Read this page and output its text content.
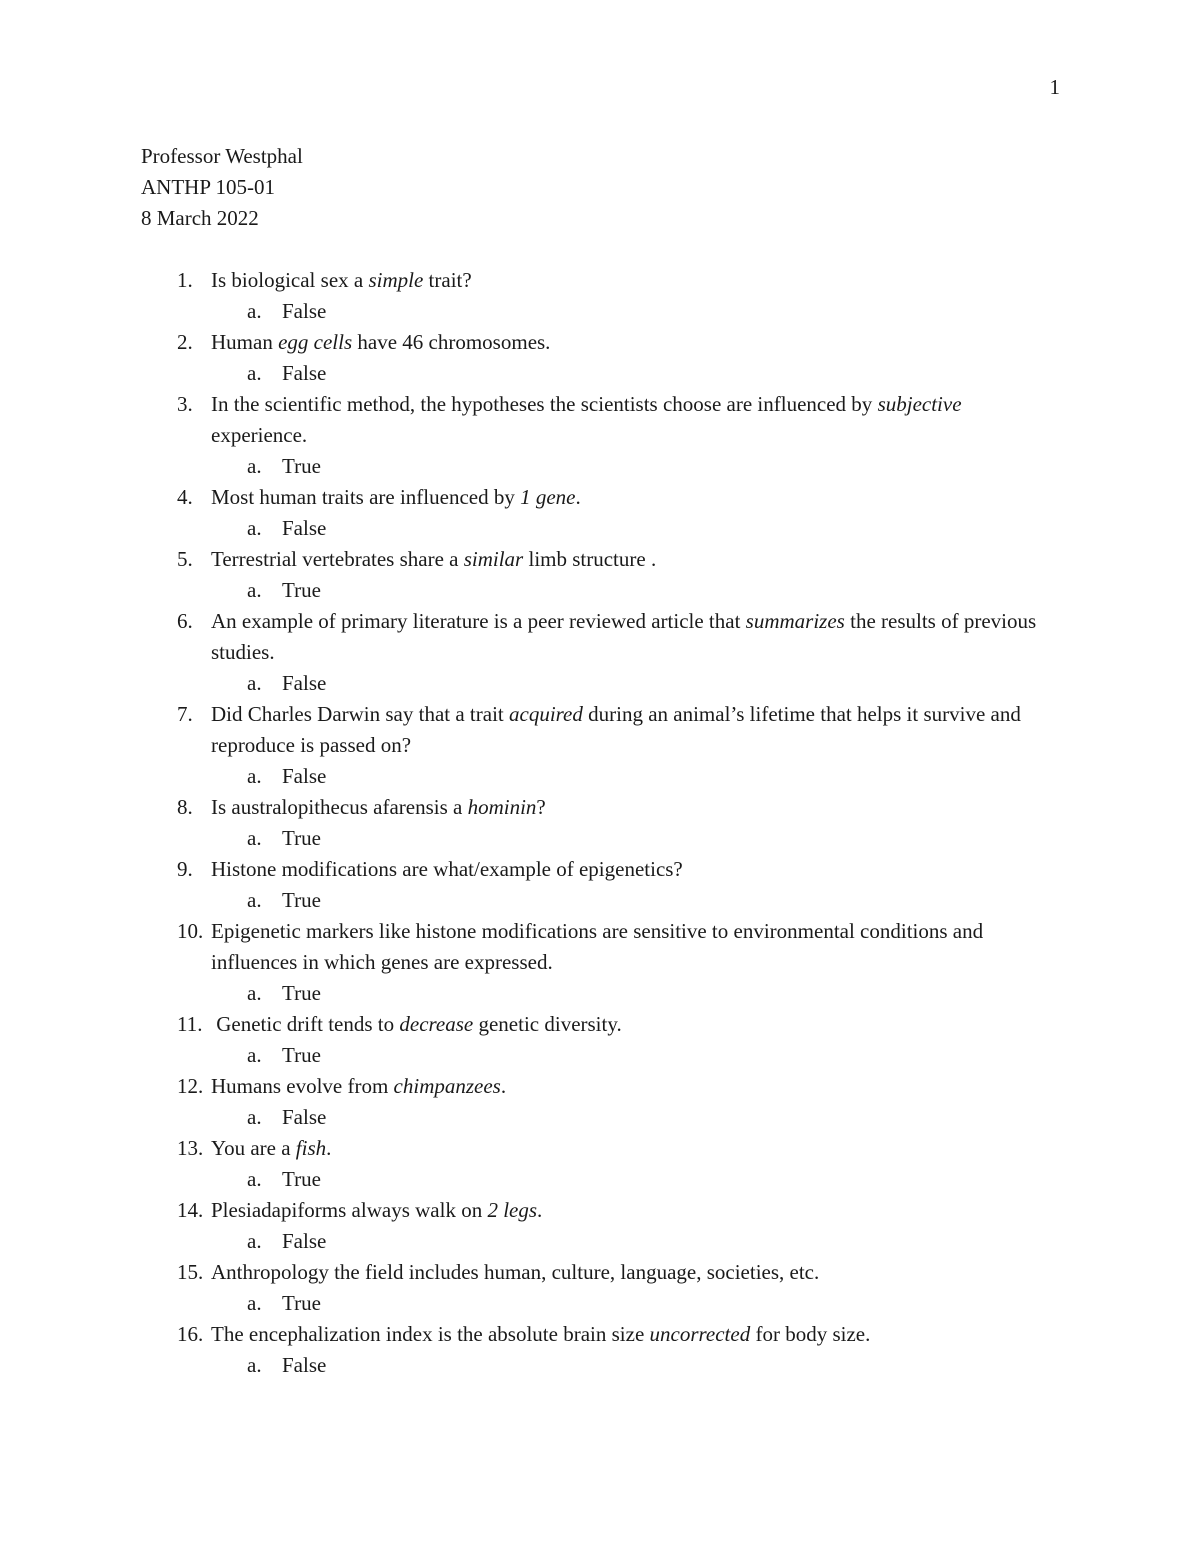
1
Professor Westphal
ANTHP 105-01
8 March 2022
1. Is biological sex a simple trait?
a. False
2. Human egg cells have 46 chromosomes.
a. False
3. In the scientific method, the hypotheses the scientists choose are influenced by subjective experience.
a. True
4. Most human traits are influenced by 1 gene.
a. False
5. Terrestrial vertebrates share a similar limb structure .
a. True
6. An example of primary literature is a peer reviewed article that summarizes the results of previous studies.
a. False
7. Did Charles Darwin say that a trait acquired during an animal’s lifetime that helps it survive and reproduce is passed on?
a. False
8. Is australopithecus afarensis a hominin?
a. True
9. Histone modifications are what/example of epigenetics?
a. True
10. Epigenetic markers like histone modifications are sensitive to environmental conditions and influences in which genes are expressed.
a. True
11. Genetic drift tends to decrease genetic diversity.
a. True
12. Humans evolve from chimpanzees.
a. False
13. You are a fish.
a. True
14. Plesiadapiforms always walk on 2 legs.
a. False
15. Anthropology the field includes human, culture, language, societies, etc.
a. True
16. The encephalization index is the absolute brain size uncorrected for body size.
a. False
